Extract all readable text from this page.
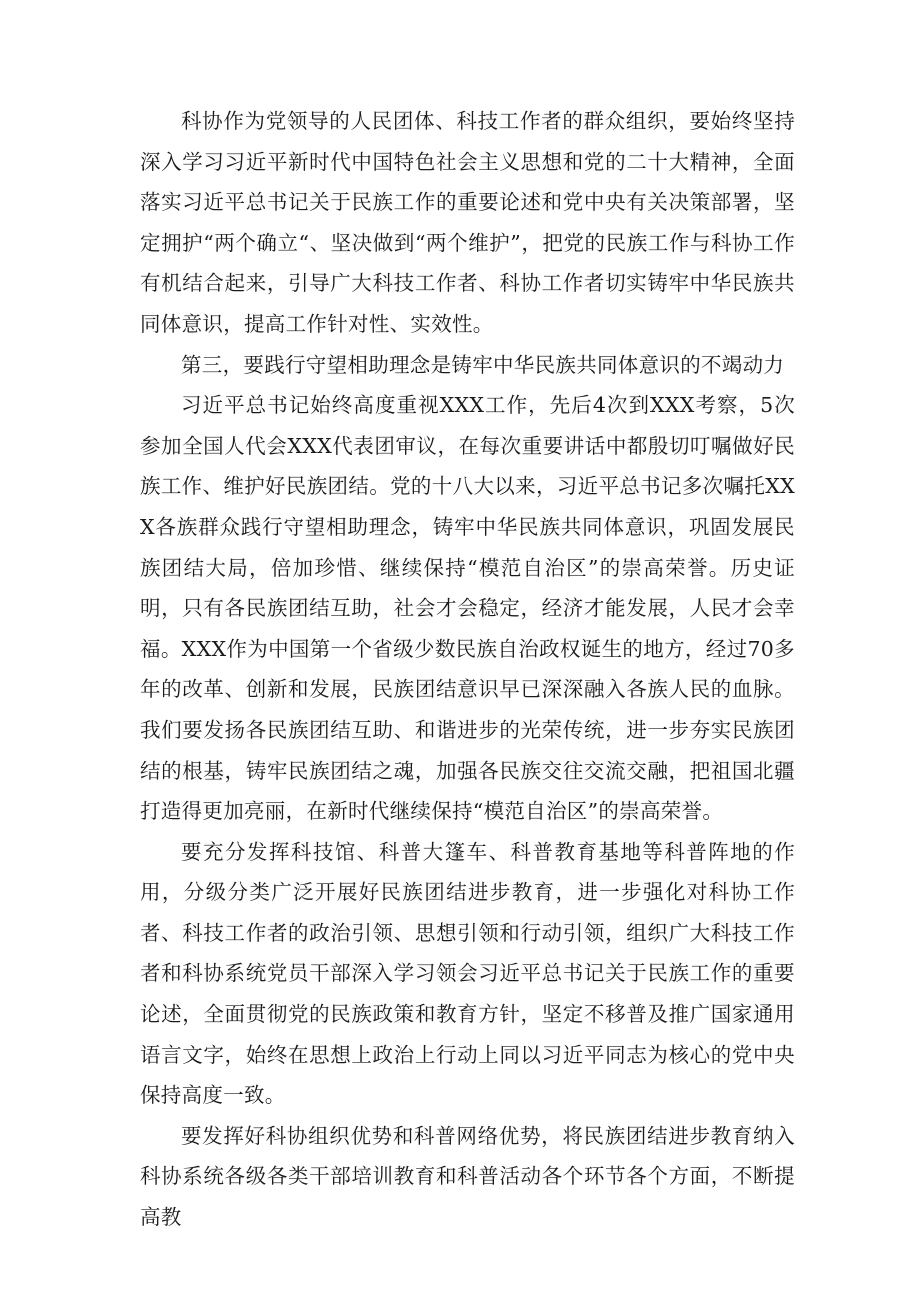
科协作为党领导的人民团体、科技工作者的群众组织，要始终坚持深入学习习近平新时代中国特色社会主义思想和党的二十大精神，全面落实习近平总书记关于民族工作的重要论述和党中央有关决策部署，坚定拥护“两个确立“、坚决做到“两个维护”，把党的民族工作与科协工作有机结合起来，引导广大科技工作者、科协工作者切实铸牢中华民族共同体意识，提高工作针对性、实效性。

第三，要践行守望相助理念是铸牢中华民族共同体意识的不竭动力

习近平总书记始终高度重视XXX工作，先后4次到XXX考察，5次参加全国人代会XXX代表团审议，在每次重要讲话中都殷切叮嘱做好民族工作、维护好民族团结。党的十八大以来，习近平总书记多次嘱托XXX各族群众践行守望相助理念，铸牢中华民族共同体意识，巩固发展民族团结大局，倍加珍惜、继续保持“模范自治区”的崇高荣誉。历史证明，只有各民族团结互助，社会才会稳定，经济才能发展，人民才会幸福。XXX作为中国第一个省级少数民族自治政权诞生的地方，经过70多年的改革、创新和发展，民族团结意识早已深深融入各族人民的血脉。我们要发扬各民族团结互助、和谐进步的光荣传统，进一步夯实民族团结的根基，铸牢民族团结之魂，加强各民族交往交流交融，把祖国北疆打造得更加亮丽，在新时代继续保持“模范自治区”的崇高荣誉。

要充分发挥科技馆、科普大篷车、科普教育基地等科普阵地的作用，分级分类广泛开展好民族团结进步教育，进一步强化对科协工作者、科技工作者的政治引领、思想引领和行动引领，组织广大科技工作者和科协系统党员干部深入学习领会习近平总书记关于民族工作的重要论述，全面贯彻党的民族政策和教育方针，坚定不移普及推广国家通用语言文字，始终在思想上政治上行动上同以习近平同志为核心的党中央保持高度一致。

要发挥好科协组织优势和科普网络优势，将民族团结进步教育纳入科协系统各级各类干部培训教育和科普活动各个环节各个方面，不断提高教
